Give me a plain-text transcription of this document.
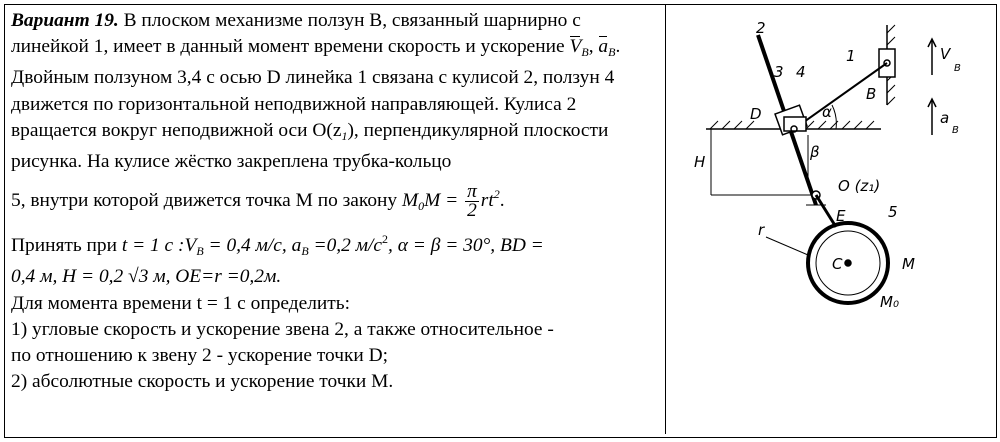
Вариант 19. В плоском механизме ползун B, связанный шарнирно с линейкой 1, имеет в данный момент времени скорость и ускорение $V_B$, $a_B$. Двойным ползуном 3,4 с осью D линейка 1 связана с кулисой 2, ползун 4 движется по горизонтальной неподвижной направляющей. Кулиса 2 вращается вокруг неподвижной оси $O(z_1)$, перпендикулярной плоскости рисунка. На кулисе жёстко закреплена трубка-кольцо

5, внутри которой движется точка M по закону $M_0M = \frac{\pi}{2} rt^2$.

Принять при t = 1 с $:V_B = 0,4$ м/с, $a_B =0,2$ $м/с^2$, α = β = 30°, BD =
0,4 м, H = 0,2 √3 м, OE=r =0,2м.

Для момента времени t = 1 с определить:

1) угловые скорость и ускорение звена 2, а также относительное -

по отношению к звену 2 - ускорение точки D;

2) абсолютные скорость и ускорение точки M.

2
1
3 4
D
B
α
β
H
O (z₁)
E
r
C	M
M₀
5
V
B
a
B
